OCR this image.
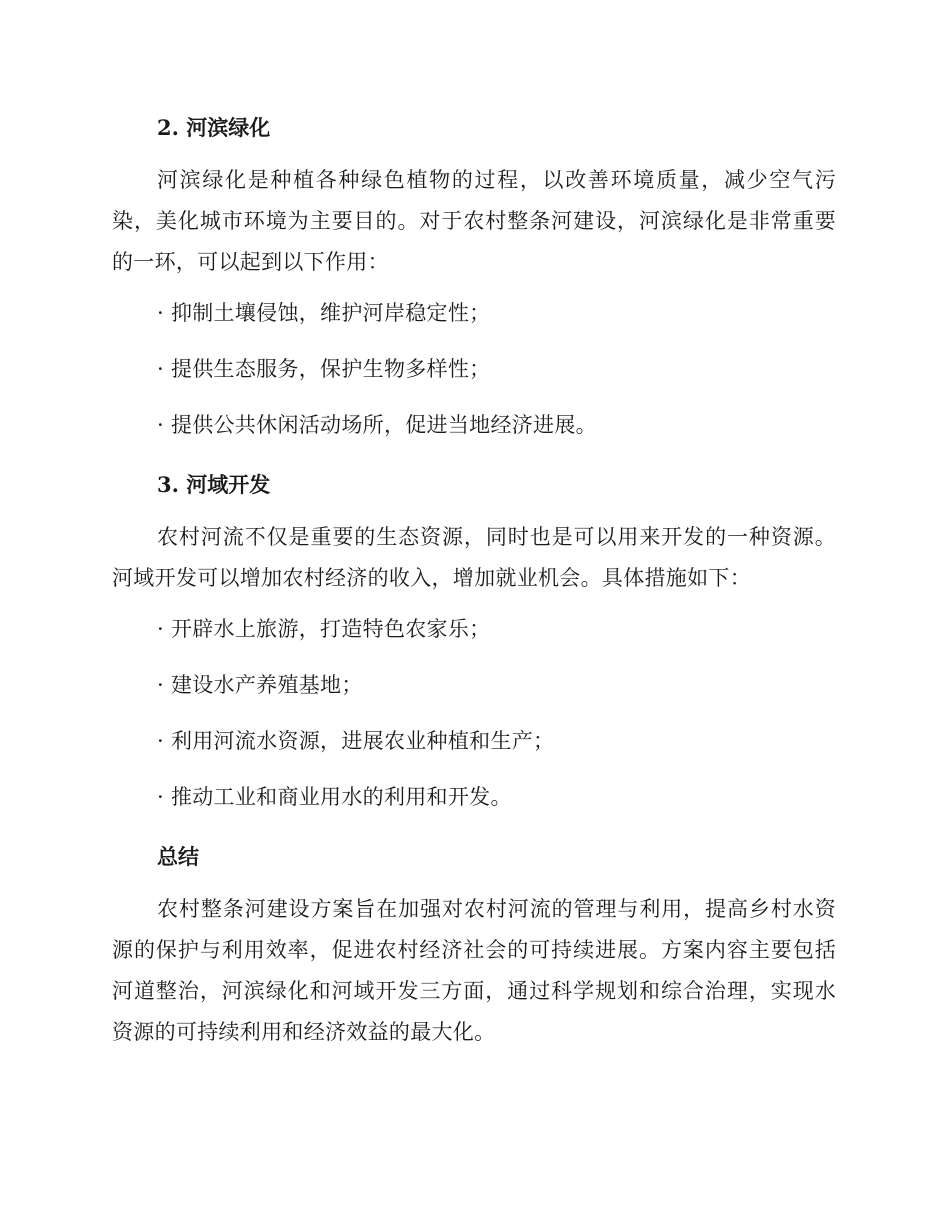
2. 河滨绿化
河滨绿化是种植各种绿色植物的过程，以改善环境质量，减少空气污染，美化城市环境为主要目的。对于农村整条河建设，河滨绿化是非常重要的一环，可以起到以下作用：
· 抑制土壤侵蚀，维护河岸稳定性；
· 提供生态服务，保护生物多样性；
· 提供公共休闲活动场所，促进当地经济进展。
3. 河域开发
农村河流不仅是重要的生态资源，同时也是可以用来开发的一种资源。河域开发可以增加农村经济的收入，增加就业机会。具体措施如下：
· 开辟水上旅游，打造特色农家乐；
· 建设水产养殖基地；
· 利用河流水资源，进展农业种植和生产；
· 推动工业和商业用水的利用和开发。
总结
农村整条河建设方案旨在加强对农村河流的管理与利用，提高乡村水资源的保护与利用效率，促进农村经济社会的可持续进展。方案内容主要包括河道整治，河滨绿化和河域开发三方面，通过科学规划和综合治理，实现水资源的可持续利用和经济效益的最大化。
